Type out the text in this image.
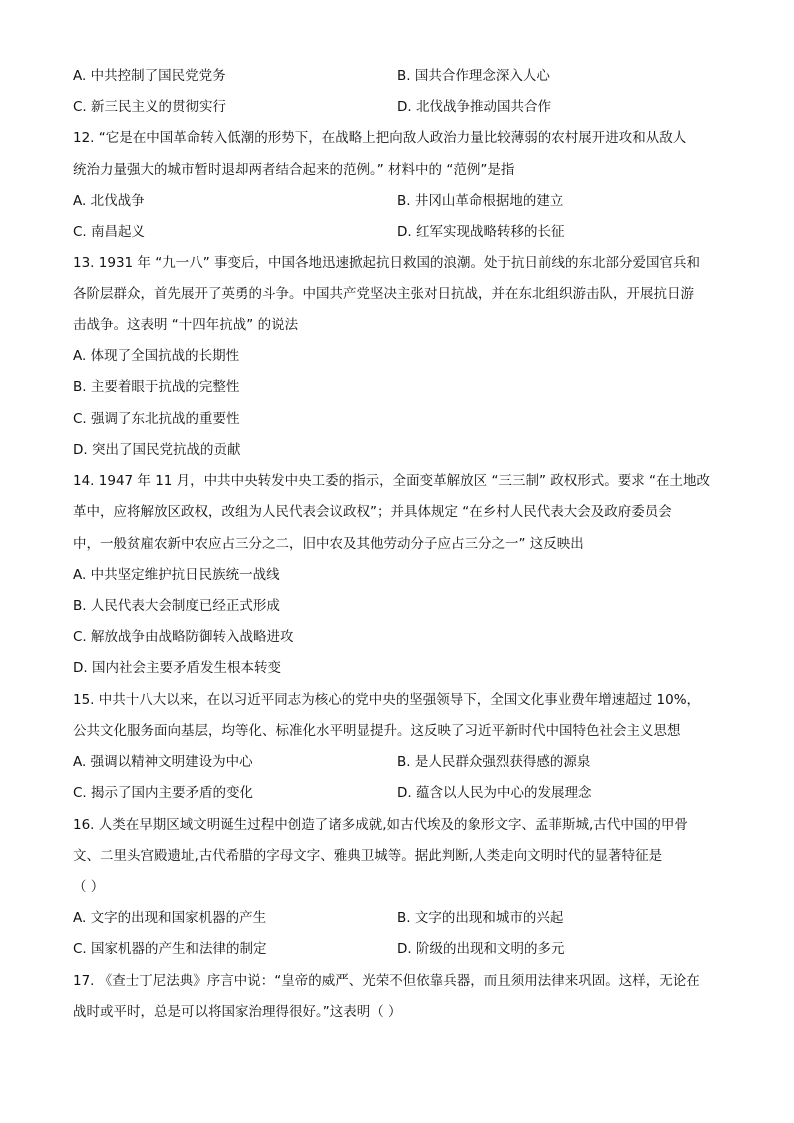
A. 中共控制了国民党党务	B. 国共合作理念深入人心
C. 新三民主义的贯彻实行	D. 北伐战争推动国共合作
12. “它是在中国革命转入低潮的形势下，在战略上把向敌人政治力量比较薄弱的农村展开进攻和从敌人
统治力量强大的城市暂时退却两者结合起来的范例。” 材料中的 “范例”是指
A. 北伐战争	B. 井冈山革命根据地的建立
C. 南昌起义	D. 红军实现战略转移的长征
13. 1931 年 “九一八” 事变后，中国各地迅速掀起抗日救国的浪潮。处于抗日前线的东北部分爱国官兵和
各阶层群众，首先展开了英勇的斗争。中国共产党坚决主张对日抗战，并在东北组织游击队，开展抗日游
击战争。这表明 “十四年抗战” 的说法
A. 体现了全国抗战的长期性
B. 主要着眼于抗战的完整性
C. 强调了东北抗战的重要性
D. 突出了国民党抗战的贡献
14. 1947 年 11 月，中共中央转发中央工委的指示，全面变革解放区 “三三制” 政权形式。要求 “在土地改
革中，应将解放区政权，改组为人民代表会议政权”；并具体规定 “在乡村人民代表大会及政府委员会
中，一般贫雇农新中农应占三分之二，旧中农及其他劳动分子应占三分之一” 这反映出
A. 中共坚定维护抗日民族统一战线
B. 人民代表大会制度已经正式形成
C. 解放战争由战略防御转入战略进攻
D. 国内社会主要矛盾发生根本转变
15. 中共十八大以来，在以习近平同志为核心的党中央的坚强领导下，全国文化事业费年增速超过 10%，
公共文化服务面向基层，均等化、标准化水平明显提升。这反映了习近平新时代中国特色社会主义思想
A. 强调以精神文明建设为中心	B. 是人民群众强烈获得感的源泉
C. 揭示了国内主要矛盾的变化	D. 蕴含以人民为中心的发展理念
16. 人类在早期区域文明诞生过程中创造了诸多成就,如古代埃及的象形文字、孟菲斯城,古代中国的甲骨
文、二里头宫殿遗址,古代希腊的字母文字、雅典卫城等。据此判断,人类走向文明时代的显著特征是
（ ）
A. 文字的出现和国家机器的产生	B. 文字的出现和城市的兴起
C. 国家机器的产生和法律的制定	D. 阶级的出现和文明的多元
17. 《查士丁尼法典》序言中说：“皇帝的威严、光荣不但依靠兵器，而且须用法律来巩固。这样，无论在
战时或平时，总是可以将国家治理得很好。”这表明（ ）
